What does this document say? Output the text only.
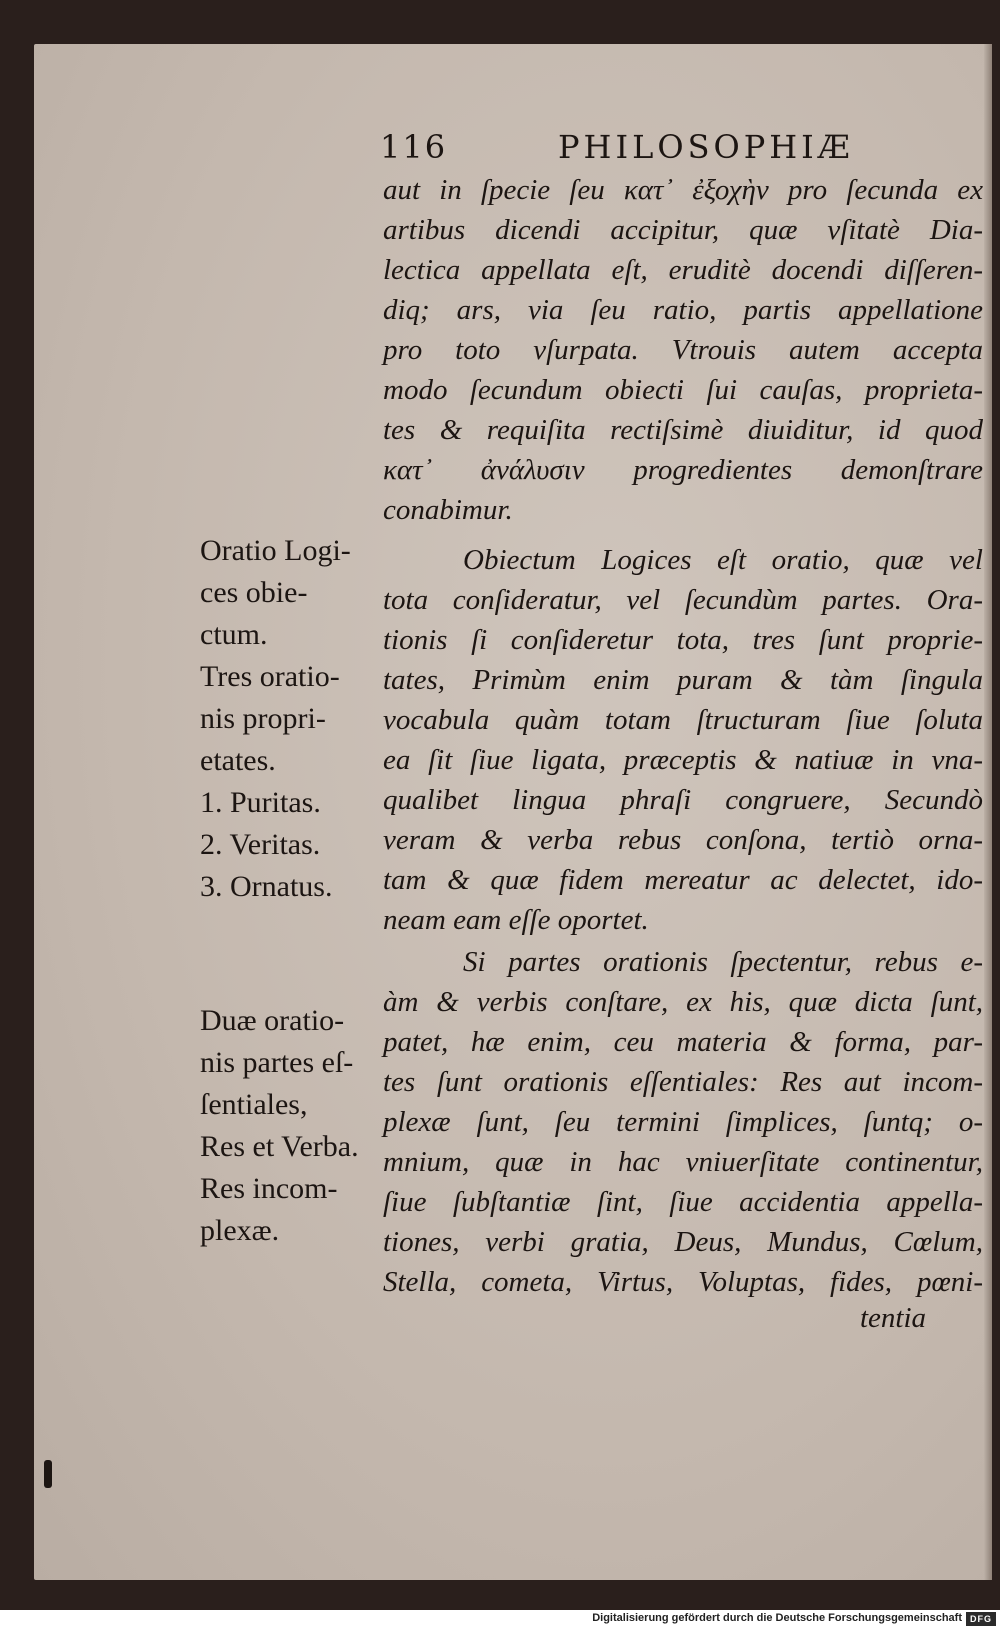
116	PHILOSOPHIÆ
aut in ſpecie ſeu κατ᾽ ἐξοχὴν pro ſecunda ex
artibus dicendi accipitur, quæ vſitatè Dia-
lectica appellata eſt, eruditè docendi diſſeren-
diq; ars, via ſeu ratio, partis appellatione
pro toto vſurpata. Vtrouis autem accepta
modo ſecundum obiecti ſui cauſas, proprieta-
tes & requiſita rectiſsimè diuiditur, id quod
κατ᾽ ἀνάλυσιν progredientes demonſtrare
conabimur.
Obiectum Logices eſt oratio, quæ vel
tota conſideratur, vel ſecundùm partes. Ora-
tionis ſi conſideretur tota, tres ſunt proprie-
tates, Primùm enim puram & tàm ſingula
vocabula quàm totam ſtructuram ſiue ſoluta
ea ſit ſiue ligata, præceptis & natiuæ in vna-
qualibet lingua phraſi congruere, Secundò
veram & verba rebus conſona, tertiò orna-
tam & quæ fidem mereatur ac delectet, ido-
neam eam eſſe oportet.
Si partes orationis ſpectentur, rebus e-
àm & verbis conſtare, ex his, quæ dicta ſunt,
patet, hæ enim, ceu materia & forma, par-
tes ſunt orationis eſſentiales: Res aut incom-
plexæ ſunt, ſeu termini ſimplices, ſuntq; o-
mnium, quæ in hac vniuerſitate continentur,
ſiue ſubſtantiæ ſint, ſiue accidentia appella-
tiones, verbi gratia, Deus, Mundus, Cœlum,
Stella, cometa, Virtus, Voluptas, fides, pœni-
tentia
Oratio Logi-
ces obie-
ctum.
Tres oratio-
nis propri-
etates.
1. Puritas.
2. Veritas.
3. Ornatus.
Duæ oratio-
nis partes eſ-
ſentiales,
Res et Verba.
Res incom-
plexæ.
Digitalisierung gefördert durch die Deutsche Forschungsgemeinschaft DFG
